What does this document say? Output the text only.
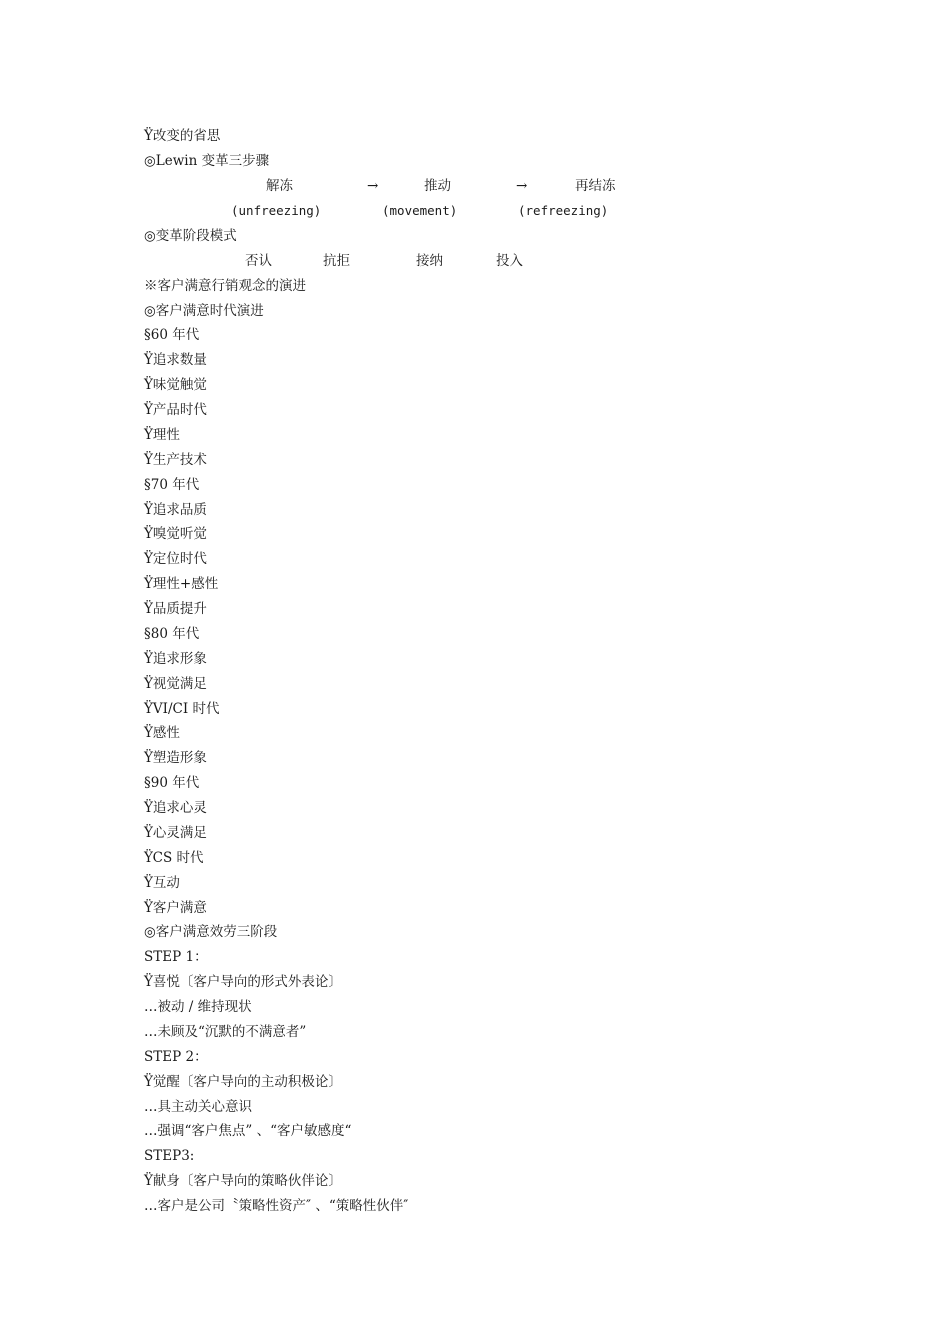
Ÿ改变的省思
◎Lewin 变革三步骤
解冻	→	推动	→	再结冻
(unfreezing)	(movement)	(refreezing)
◎变革阶段模式
否认	抗拒	接纳	投入
※客户满意行销观念的演进
◎客户满意时代演进
§60 年代
Ÿ追求数量
Ÿ味觉触觉
Ÿ产品时代
Ÿ理性
Ÿ生产技术
§70 年代
Ÿ追求品质
Ÿ嗅觉听觉
Ÿ定位时代
Ÿ理性+感性
Ÿ品质提升
§80 年代
Ÿ追求形象
Ÿ视觉满足
ŸVI/CI 时代
Ÿ感性
Ÿ塑造形象
§90 年代
Ÿ追求心灵
Ÿ心灵满足
ŸCS 时代
Ÿ互动
Ÿ客户满意
◎客户满意效劳三阶段
STEP 1：
Ÿ喜悦〔客户导向的形式外表论〕
…被动 / 维持现状
…未顾及“沉默的不满意者”
STEP 2：
Ÿ觉醒〔客户导向的主动积极论〕
…具主动关心意识
…强调“客户焦点” 、“客户敏感度“
STEP3:
Ÿ献身〔客户导向的策略伙伴论〕
…客户是公司〝策略性资产″ 、“策略性伙伴″
